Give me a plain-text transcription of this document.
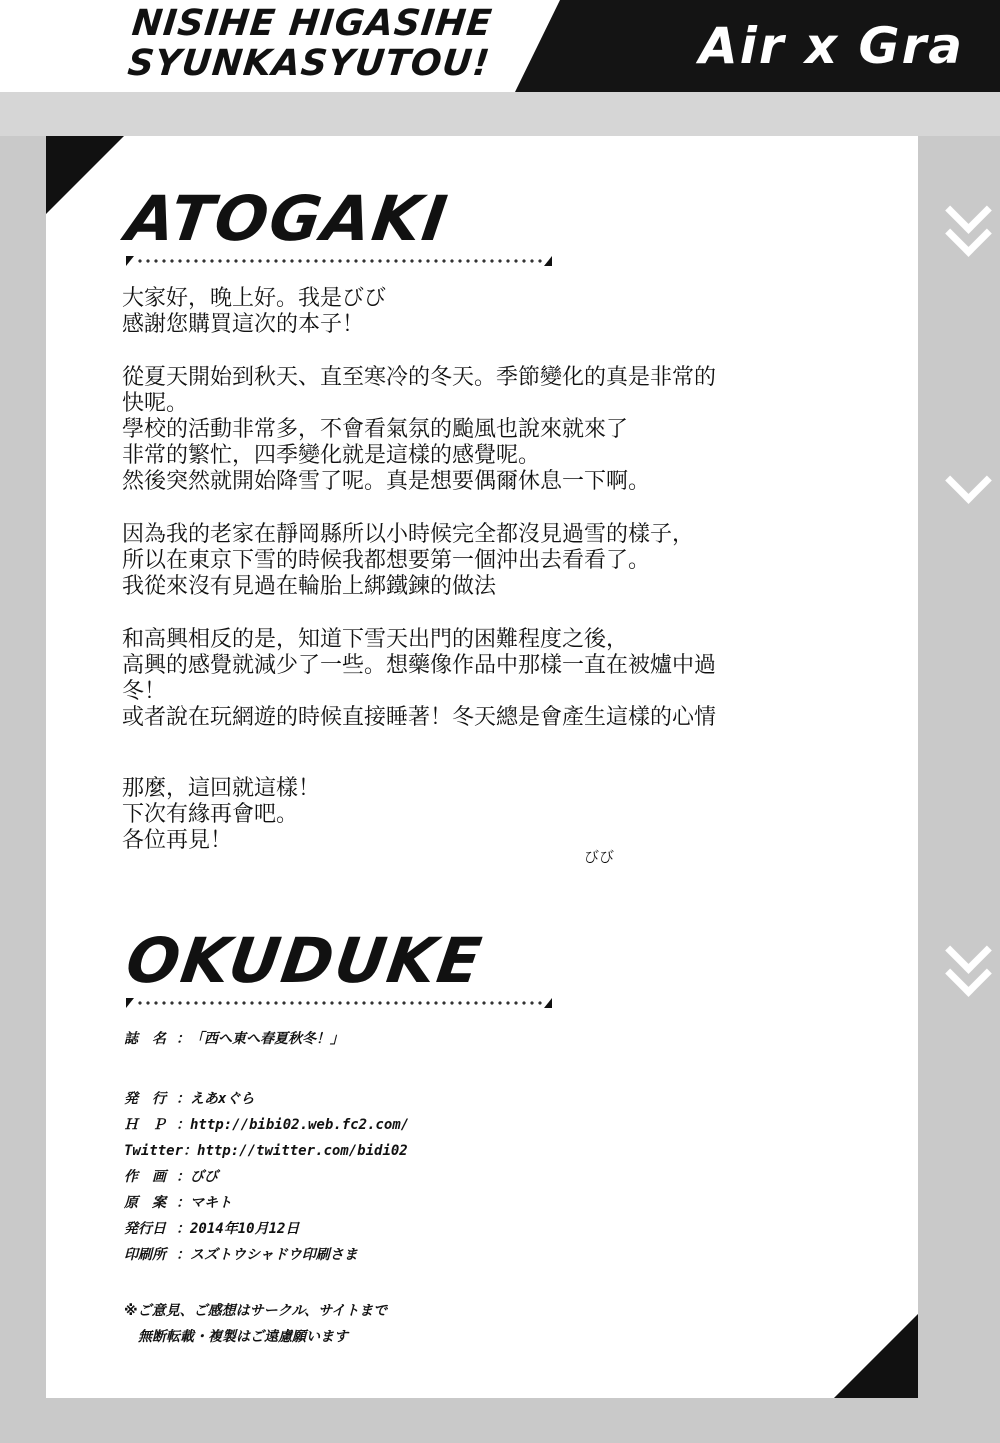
NISIHE HIGASIHE
SYUNKASYUTOU!	Air x Gra
ATOGAKI

大家好，晚上好。我是びび
感謝您購買這次的本子！

從夏天開始到秋天、直至寒冷的冬天。季節變化的真是非常的
快呢。
學校的活動非常多，不會看氣氛的颱風也說來就來了
非常的繁忙，四季變化就是這樣的感覺呢。
然後突然就開始降雪了呢。真是想要偶爾休息一下啊。

因為我的老家在靜岡縣所以小時候完全都沒見過雪的樣子，
所以在東京下雪的時候我都想要第一個沖出去看看了。
我從來沒有見過在輪胎上綁鐵鍊的做法

和高興相反的是，知道下雪天出門的困難程度之後，
高興的感覺就減少了一些。想藥像作品中那樣一直在被爐中過
冬！
或者說在玩網遊的時候直接睡著！冬天總是會產生這樣的心情

那麼，這回就這樣！
下次有緣再會吧。
各位再見！

びび
OKUDUKE
誌　名 ：「西へ東へ春夏秋冬！」
発　行 ：えあxぐら
Ｈ　Ｐ ：http://bibi02.web.fc2.com/
Twitter：http://twitter.com/bidi02
作　画 ：びび
原　案 ：マキト
発行日 ：2014年10月12日
印刷所 ：スズトウシャドウ印刷さま
※ご意見、ご感想はサークル、サイトまで
　無断転載・複製はご遠慮願います
